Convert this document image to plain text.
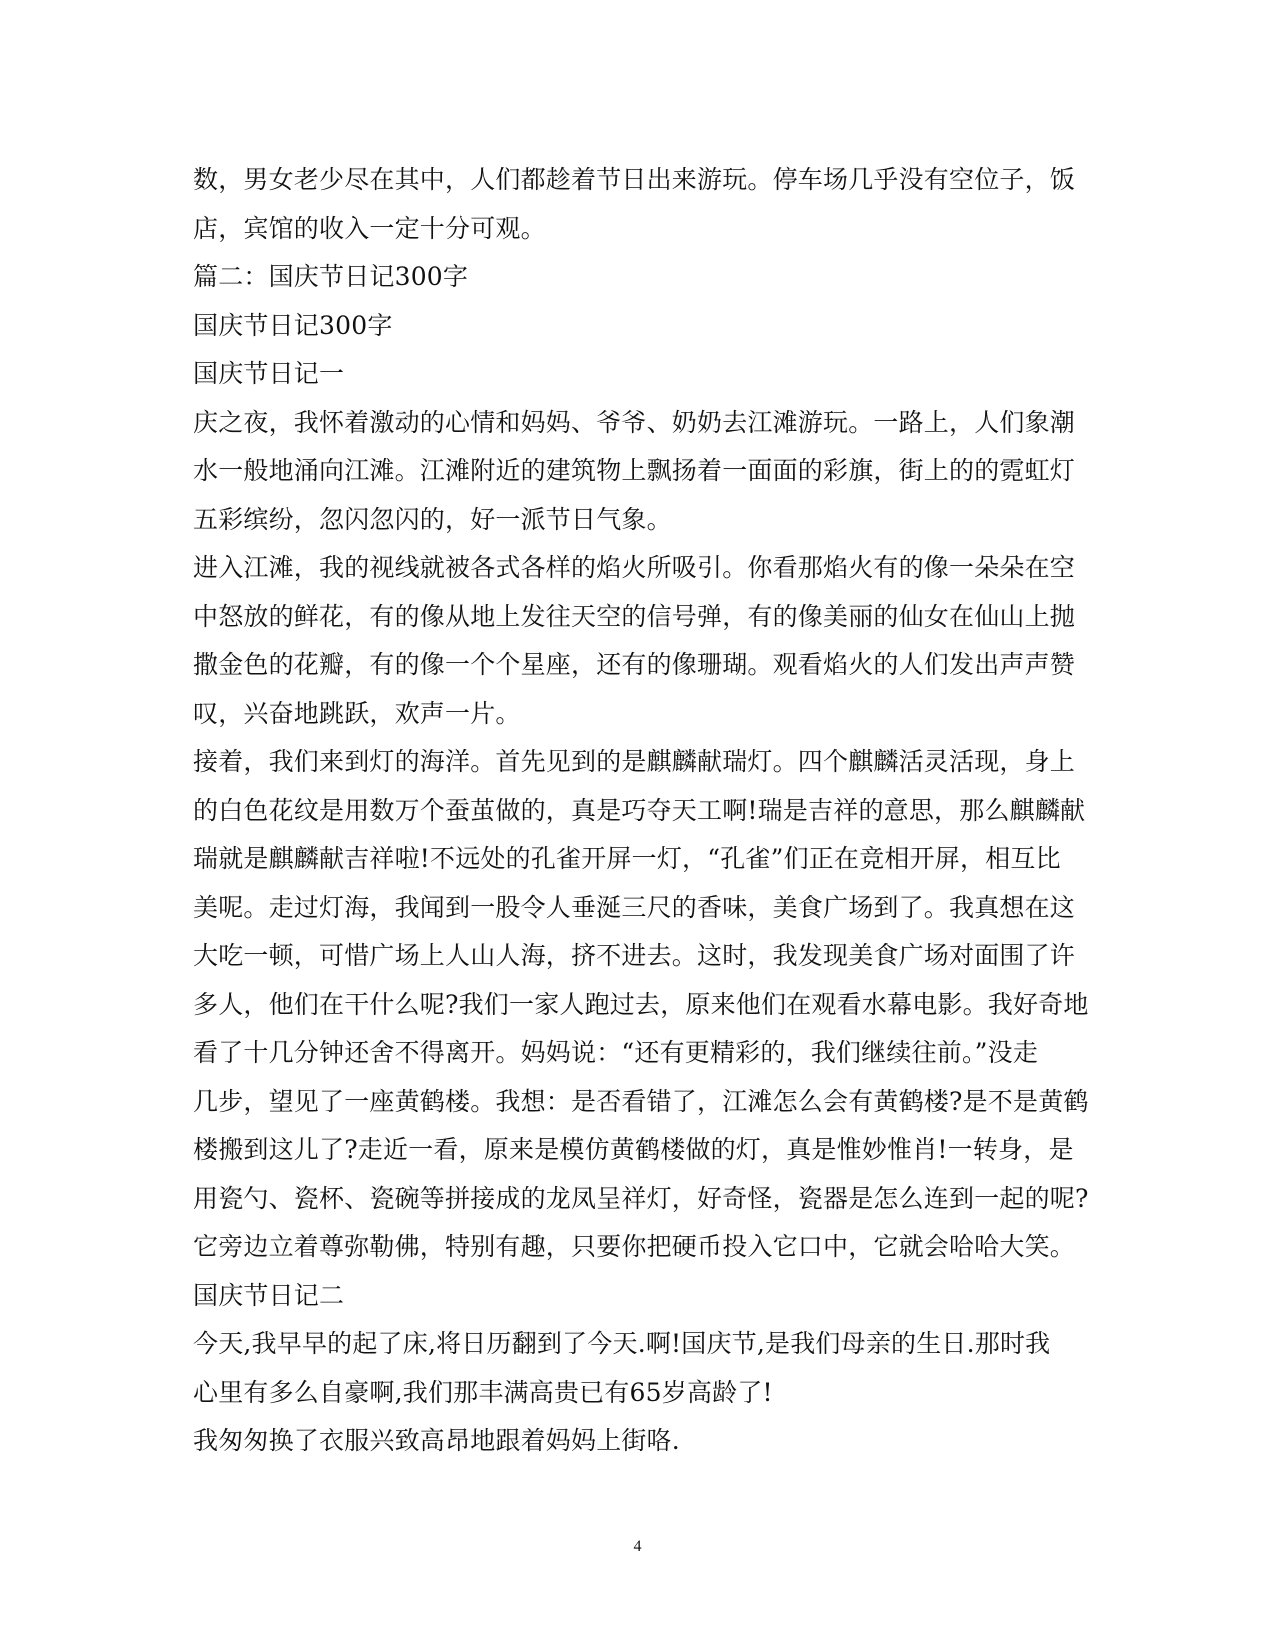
数，男女老少尽在其中，人们都趁着节日出来游玩。停车场几乎没有空位子，饭
店，宾馆的收入一定十分可观。
篇二：国庆节日记300字
国庆节日记300字
国庆节日记一
庆之夜，我怀着激动的心情和妈妈、爷爷、奶奶去江滩游玩。一路上，人们象潮
水一般地涌向江滩。江滩附近的建筑物上飘扬着一面面的彩旗，街上的的霓虹灯
五彩缤纷，忽闪忽闪的，好一派节日气象。
进入江滩，我的视线就被各式各样的焰火所吸引。你看那焰火有的像一朵朵在空
中怒放的鲜花，有的像从地上发往天空的信号弹，有的像美丽的仙女在仙山上抛
撒金色的花瓣，有的像一个个星座，还有的像珊瑚。观看焰火的人们发出声声赞
叹，兴奋地跳跃，欢声一片。
接着，我们来到灯的海洋。首先见到的是麒麟献瑞灯。四个麒麟活灵活现，身上
的白色花纹是用数万个蚕茧做的，真是巧夺天工啊!瑞是吉祥的意思，那么麒麟献
瑞就是麒麟献吉祥啦!不远处的孔雀开屏一灯，“孔雀”们正在竞相开屏，相互比
美呢。走过灯海，我闻到一股令人垂涎三尺的香味，美食广场到了。我真想在这
大吃一顿，可惜广场上人山人海，挤不进去。这时，我发现美食广场对面围了许
多人，他们在干什么呢?我们一家人跑过去，原来他们在观看水幕电影。我好奇地
看了十几分钟还舍不得离开。妈妈说：“还有更精彩的，我们继续往前。”没走
几步，望见了一座黄鹤楼。我想：是否看错了，江滩怎么会有黄鹤楼?是不是黄鹤
楼搬到这儿了?走近一看，原来是模仿黄鹤楼做的灯，真是惟妙惟肖!一转身，是
用瓷勺、瓷杯、瓷碗等拼接成的龙凤呈祥灯，好奇怪，瓷器是怎么连到一起的呢?
它旁边立着尊弥勒佛，特别有趣，只要你把硬币投入它口中，它就会哈哈大笑。
国庆节日记二
今天,我早早的起了床,将日历翻到了今天.啊!国庆节,是我们母亲的生日.那时我
心里有多么自豪啊,我们那丰满高贵已有65岁高龄了!
我匆匆换了衣服兴致高昂地跟着妈妈上街咯.
4
